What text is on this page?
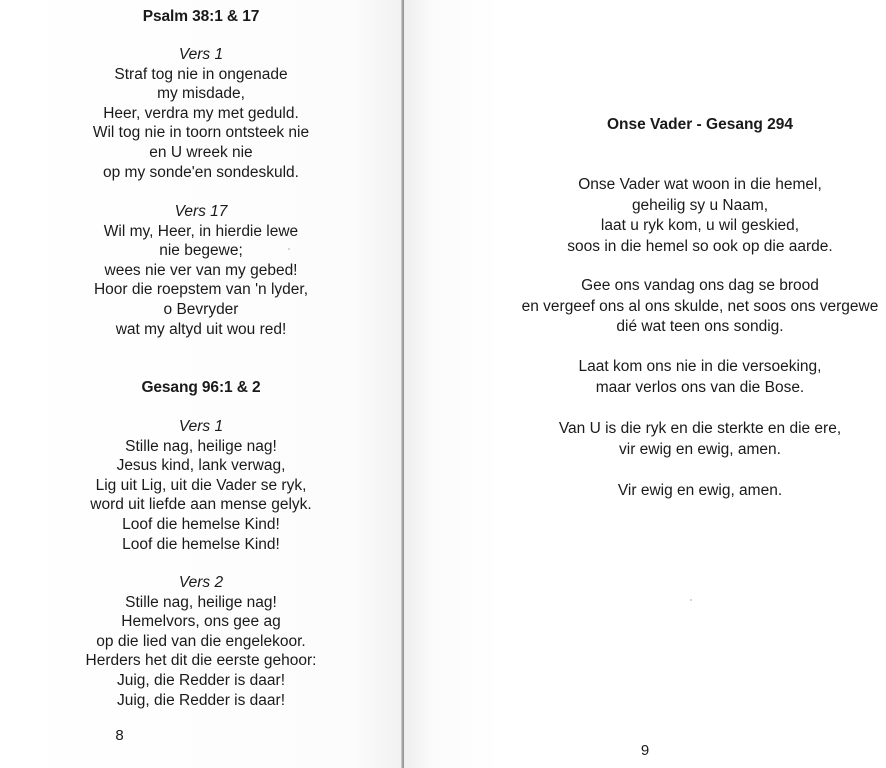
Psalm 38:1 & 17
Vers 1
Straf tog nie in ongenade
my misdade,
Heer, verdra my met geduld.
Wil tog nie in toorn ontsteek nie
en U wreek nie
op my sonde'en sondeskuld.
Vers 17
Wil my, Heer, in hierdie lewe
nie begewe;
wees nie ver van my gebed!
Hoor die roepstem van 'n lyder,
o Bevryder
wat my altyd uit wou red!
Gesang 96:1 & 2
Vers 1
Stille nag, heilige nag!
Jesus kind, lank verwag,
Lig uit Lig, uit die Vader se ryk,
word uit liefde aan mense gelyk.
Loof die hemelse Kind!
Loof die hemelse Kind!
Vers 2
Stille nag, heilige nag!
Hemelvors, ons gee ag
op die lied van die engelekoor.
Herders het dit die eerste gehoor:
Juig, die Redder is daar!
Juig, die Redder is daar!
8
Onse Vader - Gesang 294
Onse Vader wat woon in die hemel,
geheilig sy u Naam,
laat u ryk kom, u wil geskied,
soos in die hemel so ook op die aarde.
Gee ons vandag ons dag se brood
en vergeef ons al ons skulde, net soos ons vergewe
dié wat teen ons sondig.
Laat kom ons nie in die versoeking,
maar verlos ons van die Bose.
Van U is die ryk en die sterkte en die ere,
vir ewig en ewig, amen.
Vir ewig en ewig, amen.
9
